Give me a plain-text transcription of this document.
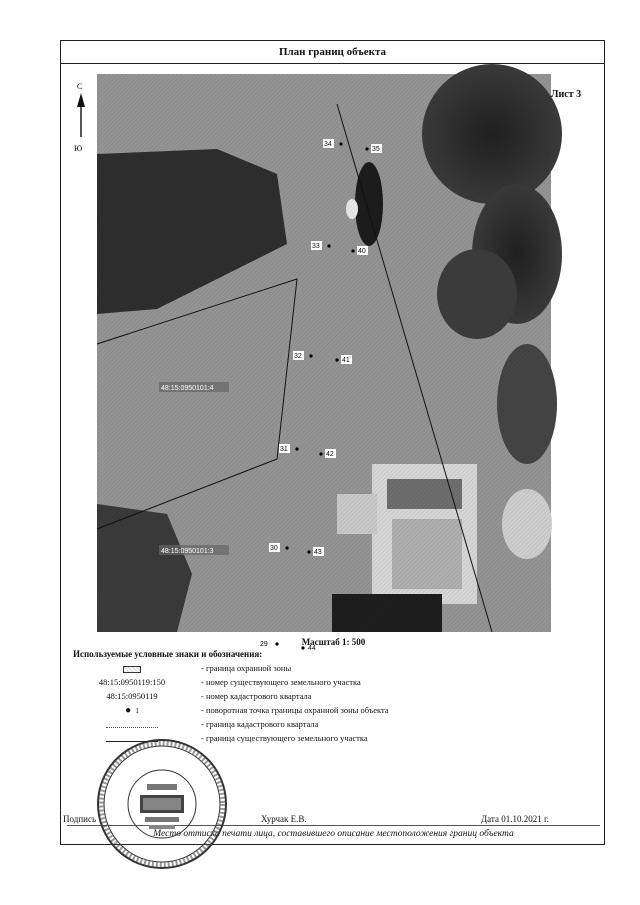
План границ объекта
Лист 3
С
Ю
48:15:0950101:4
48:15:0950101:3
34
35
33
40
32
41
31
42
30
43
29
44
Масштаб 1: 500
Используемые условные знаки и обозначения:
- граница охранной зоны
48:15:0950119:150	- номер существующего земельного участка
48:15:0950119	- номер кадастрового квартала
● 1	- поворотная точка границы охранной зоны объекта
- граница кадастрового квартала
- граница существующего земельного участка
Подпись	Хурчак Е.В.	Дата 01.10.2021 г.
Место оттиска печати лица, составившего описание местоположения границ объекта
